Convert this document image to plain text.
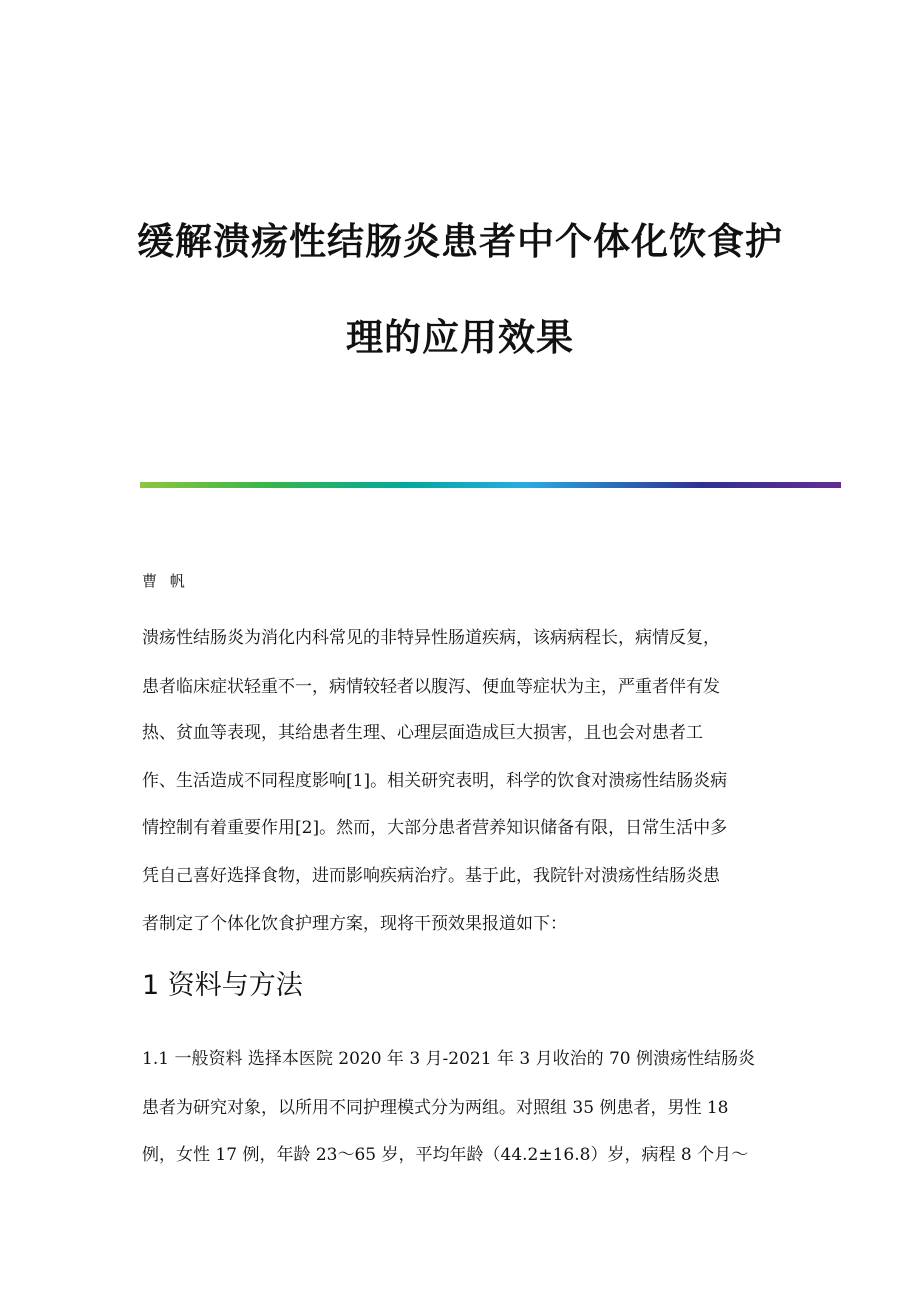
缓解溃疡性结肠炎患者中个体化饮食护
理的应用效果
曹 帆
溃疡性结肠炎为消化内科常见的非特异性肠道疾病，该病病程长，病情反复，
患者临床症状轻重不一，病情较轻者以腹泻、便血等症状为主，严重者伴有发
热、贫血等表现，其给患者生理、心理层面造成巨大损害，且也会对患者工
作、生活造成不同程度影响[1]。相关研究表明，科学的饮食对溃疡性结肠炎病
情控制有着重要作用[2]。然而，大部分患者营养知识储备有限，日常生活中多
凭自己喜好选择食物，进而影响疾病治疗。基于此，我院针对溃疡性结肠炎患
者制定了个体化饮食护理方案，现将干预效果报道如下：
1 资料与方法
1.1 一般资料 选择本医院 2020 年 3 月-2021 年 3 月收治的 70 例溃疡性结肠炎
患者为研究对象，以所用不同护理模式分为两组。对照组 35 例患者，男性 18
例，女性 17 例，年龄 23～65 岁，平均年龄（44.2±16.8）岁，病程 8 个月～
